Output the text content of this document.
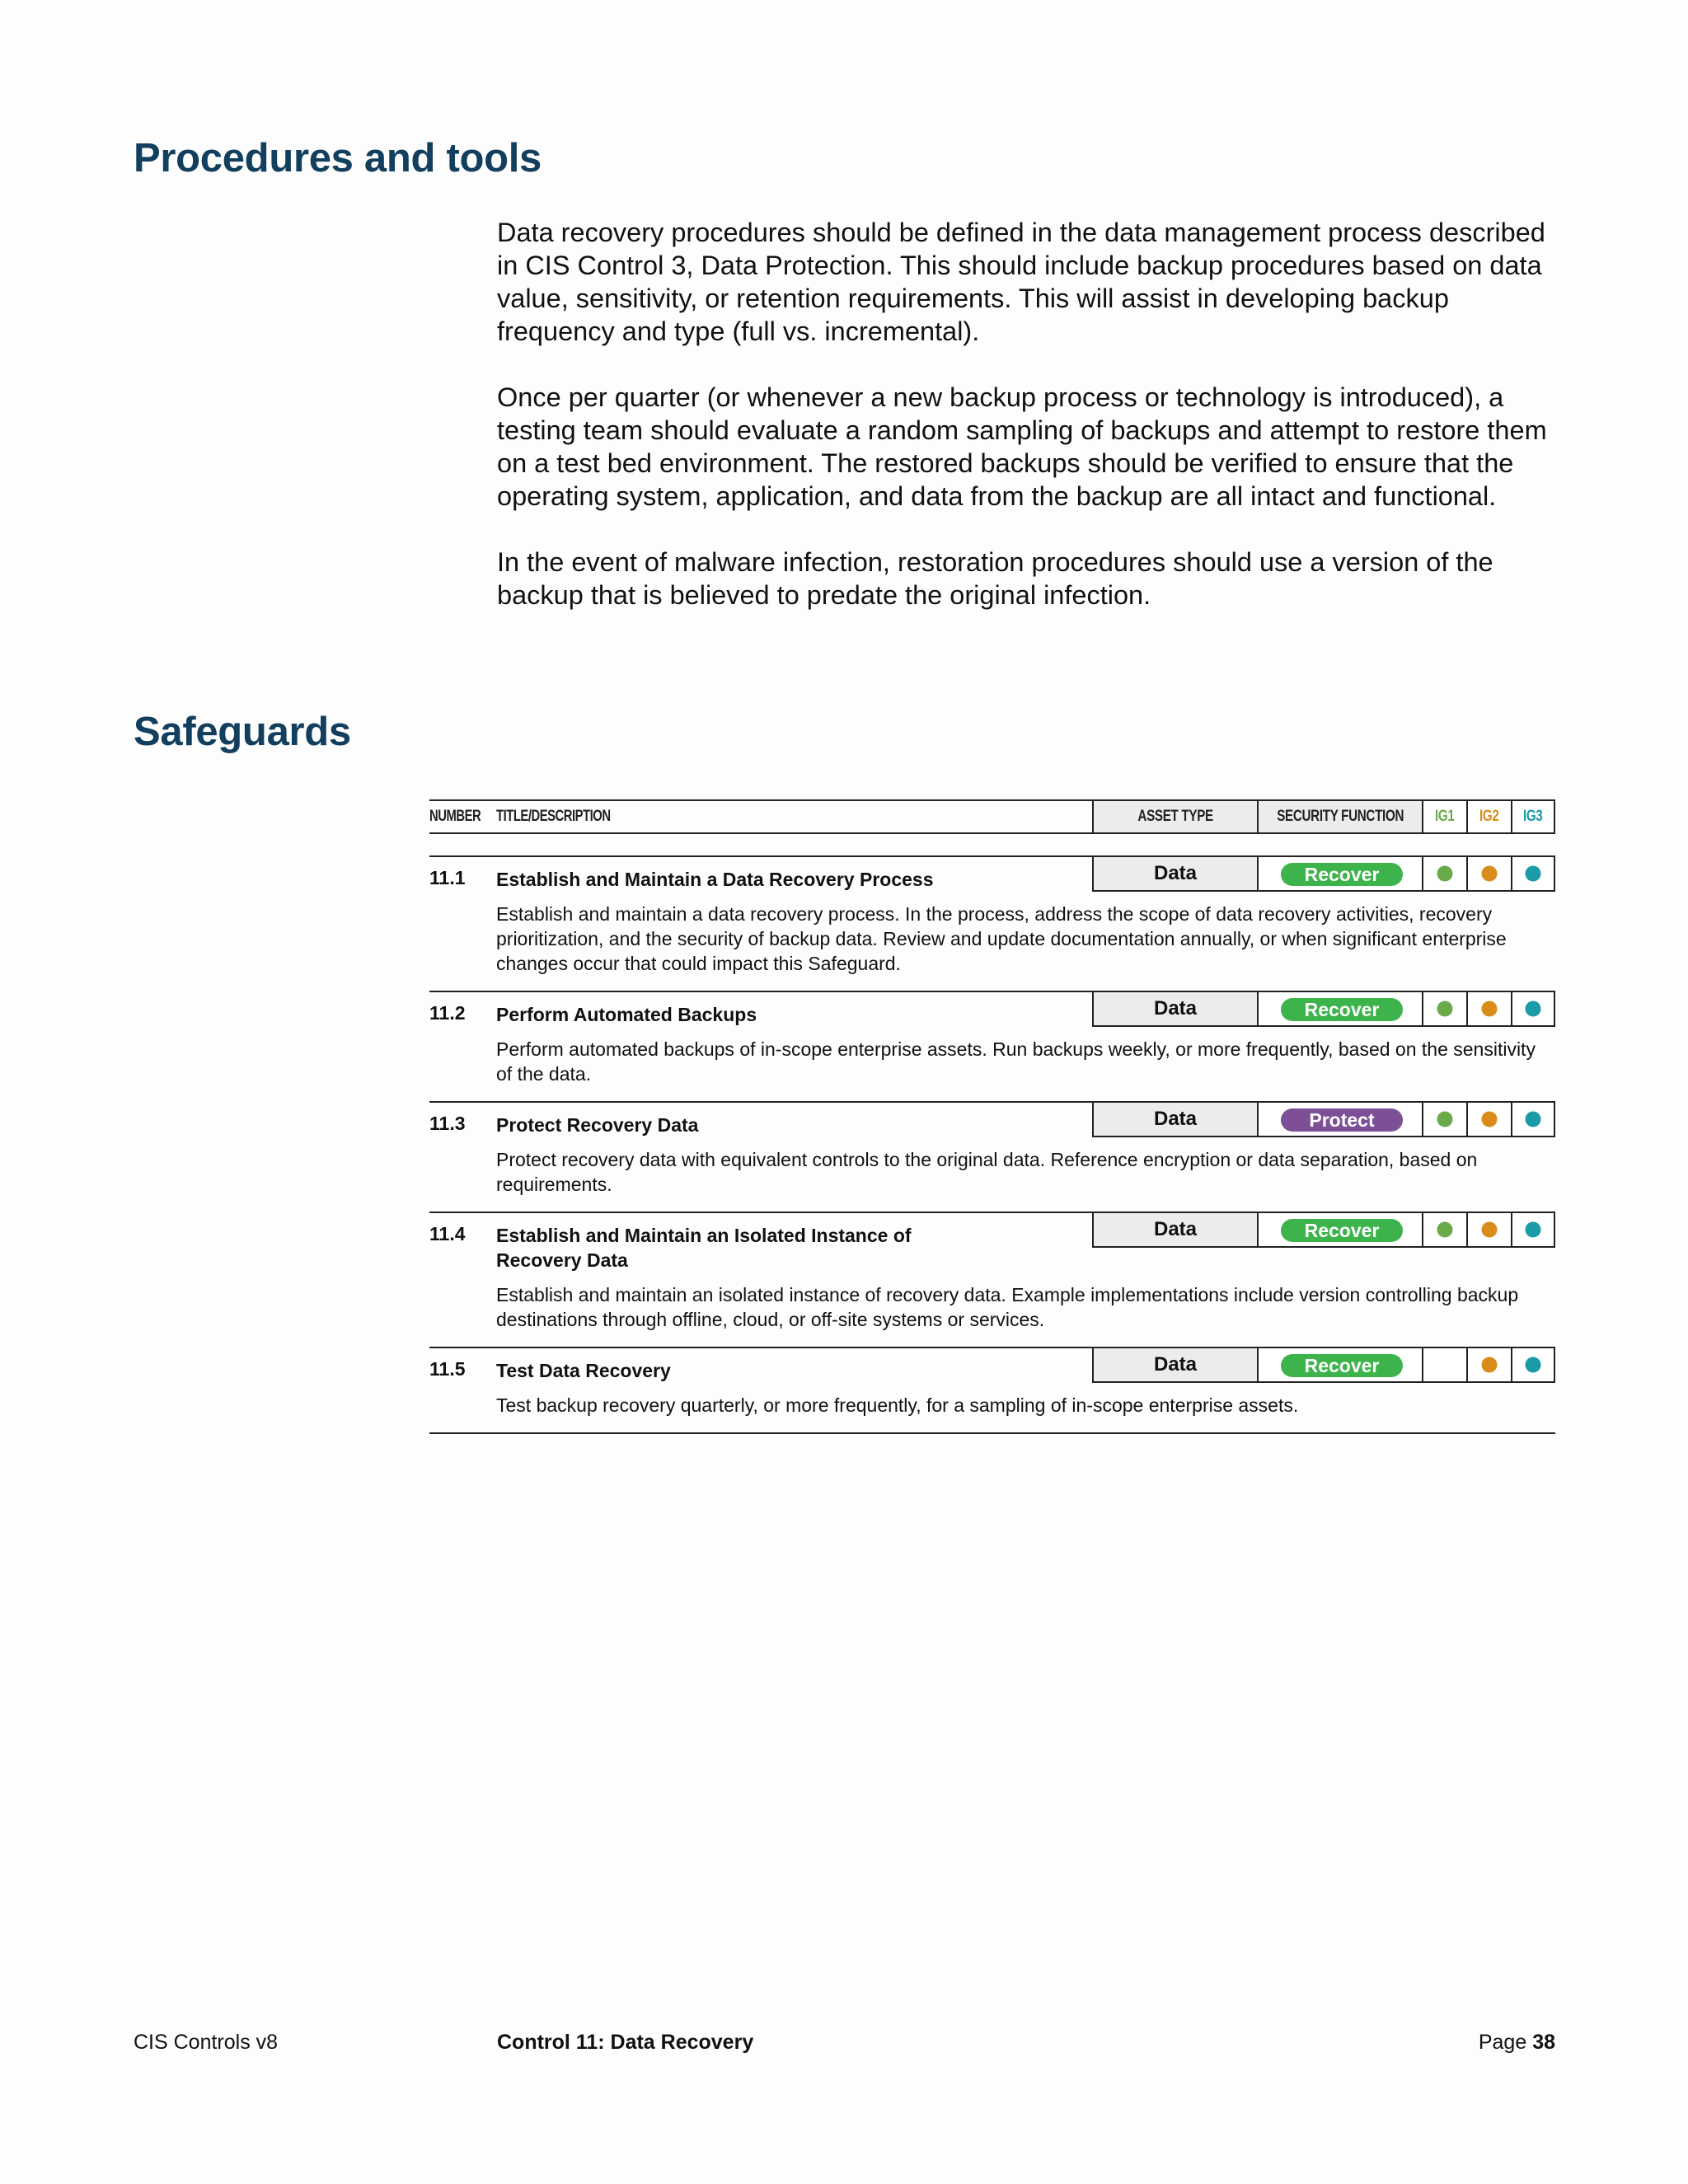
Procedures and tools

Data recovery procedures should be defined in the data management process described in CIS Control 3, Data Protection. This should include backup procedures based on data value, sensitivity, or retention requirements. This will assist in developing backup frequency and type (full vs. incremental).

Once per quarter (or whenever a new backup process or technology is introduced), a testing team should evaluate a random sampling of backups and attempt to restore them on a test bed environment. The restored backups should be verified to ensure that the operating system, application, and data from the backup are all intact and functional.

In the event of malware infection, restoration procedures should use a version of the backup that is believed to predate the original infection.

Safeguards
NUMBER TITLE/DESCRIPTION	ASSET TYPE	SECURITY FUNCTION	IG1	IG2	IG3
11.1 Establish and Maintain a Data Recovery Process	Data	Recover
Establish and maintain a data recovery process. In the process, address the scope of data recovery activities, recovery prioritization, and the security of backup data. Review and update documentation annually, or when significant enterprise changes occur that could impact this Safeguard.
11.2 Perform Automated Backups	Data	Recover
Perform automated backups of in-scope enterprise assets. Run backups weekly, or more frequently, based on the sensitivity of the data.
11.3 Protect Recovery Data	Data	Protect
Protect recovery data with equivalent controls to the original data. Reference encryption or data separation, based on requirements.
11.4 Establish and Maintain an Isolated Instance of Recovery Data
Data	Recover
Establish and maintain an isolated instance of recovery data. Example implementations include version controlling backup destinations through offline, cloud, or off-site systems or services.
11.5 Test Data Recovery	Data	Recover
Test backup recovery quarterly, or more frequently, for a sampling of in-scope enterprise assets.
CIS Controls v8	Control 11: Data Recovery	Page 38
